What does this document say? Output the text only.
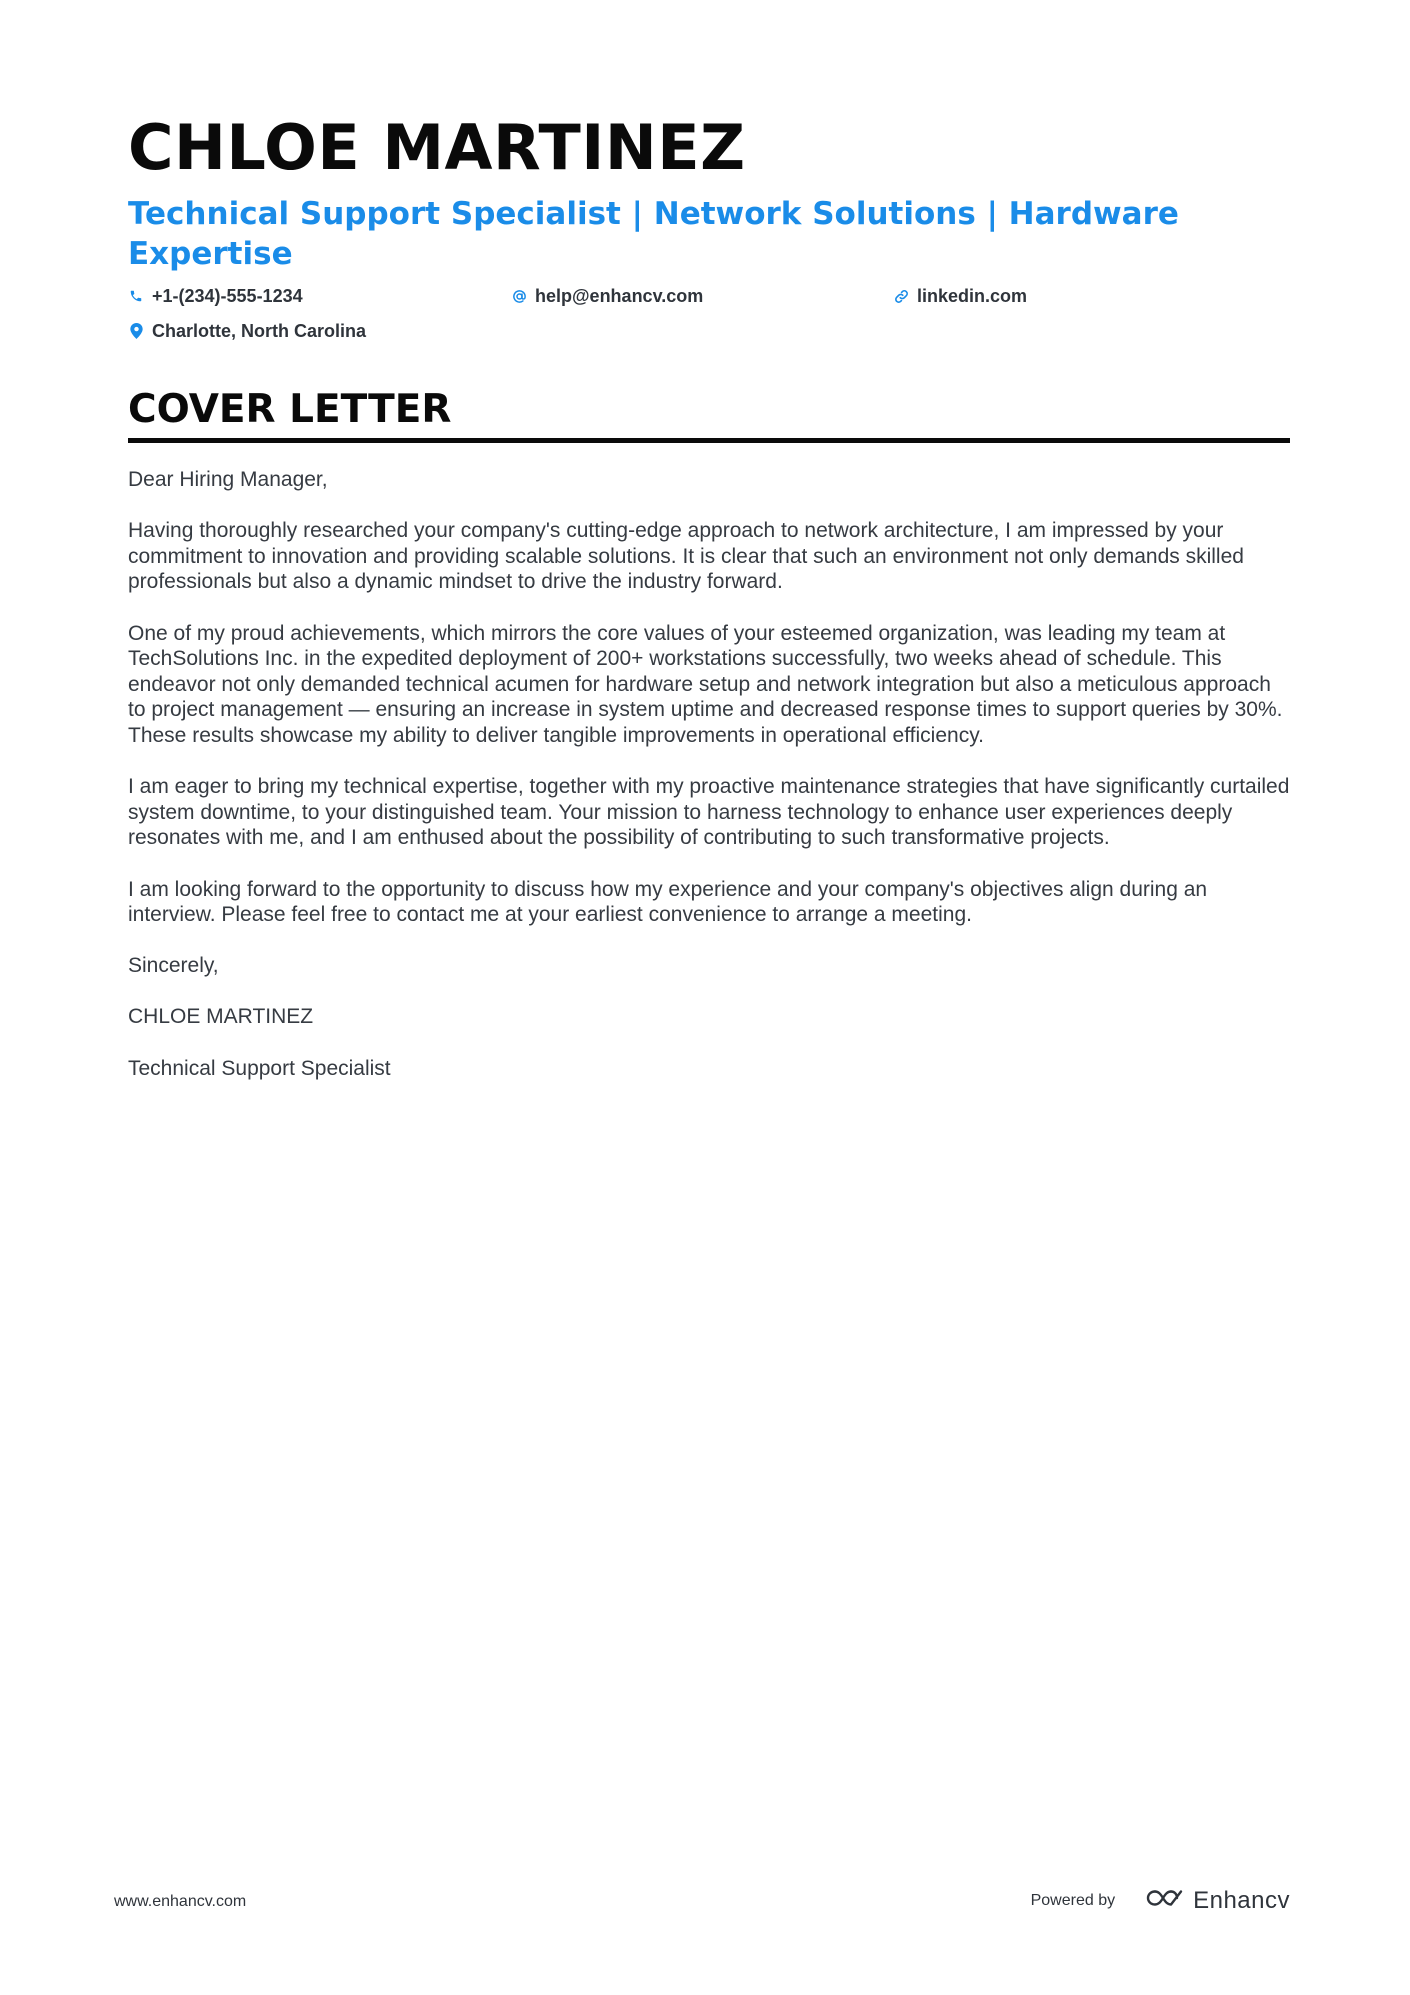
CHLOE MARTINEZ
Technical Support Specialist | Network Solutions | Hardware Expertise
+1-(234)-555-1234	help@enhancv.com	linkedin.com
Charlotte, North Carolina
COVER LETTER

Dear Hiring Manager,

Having thoroughly researched your company's cutting-edge approach to network architecture, I am impressed by your commitment to innovation and providing scalable solutions. It is clear that such an environment not only demands skilled professionals but also a dynamic mindset to drive the industry forward.

One of my proud achievements, which mirrors the core values of your esteemed organization, was leading my team at TechSolutions Inc. in the expedited deployment of 200+ workstations successfully, two weeks ahead of schedule. This endeavor not only demanded technical acumen for hardware setup and network integration but also a meticulous approach to project management — ensuring an increase in system uptime and decreased response times to support queries by 30%. These results showcase my ability to deliver tangible improvements in operational efficiency.

I am eager to bring my technical expertise, together with my proactive maintenance strategies that have significantly curtailed system downtime, to your distinguished team. Your mission to harness technology to enhance user experiences deeply resonates with me, and I am enthused about the possibility of contributing to such transformative projects.

I am looking forward to the opportunity to discuss how my experience and your company's objectives align during an interview. Please feel free to contact me at your earliest convenience to arrange a meeting.

Sincerely,

CHLOE MARTINEZ

Technical Support Specialist

www.enhancv.com	Powered by	Enhancv
